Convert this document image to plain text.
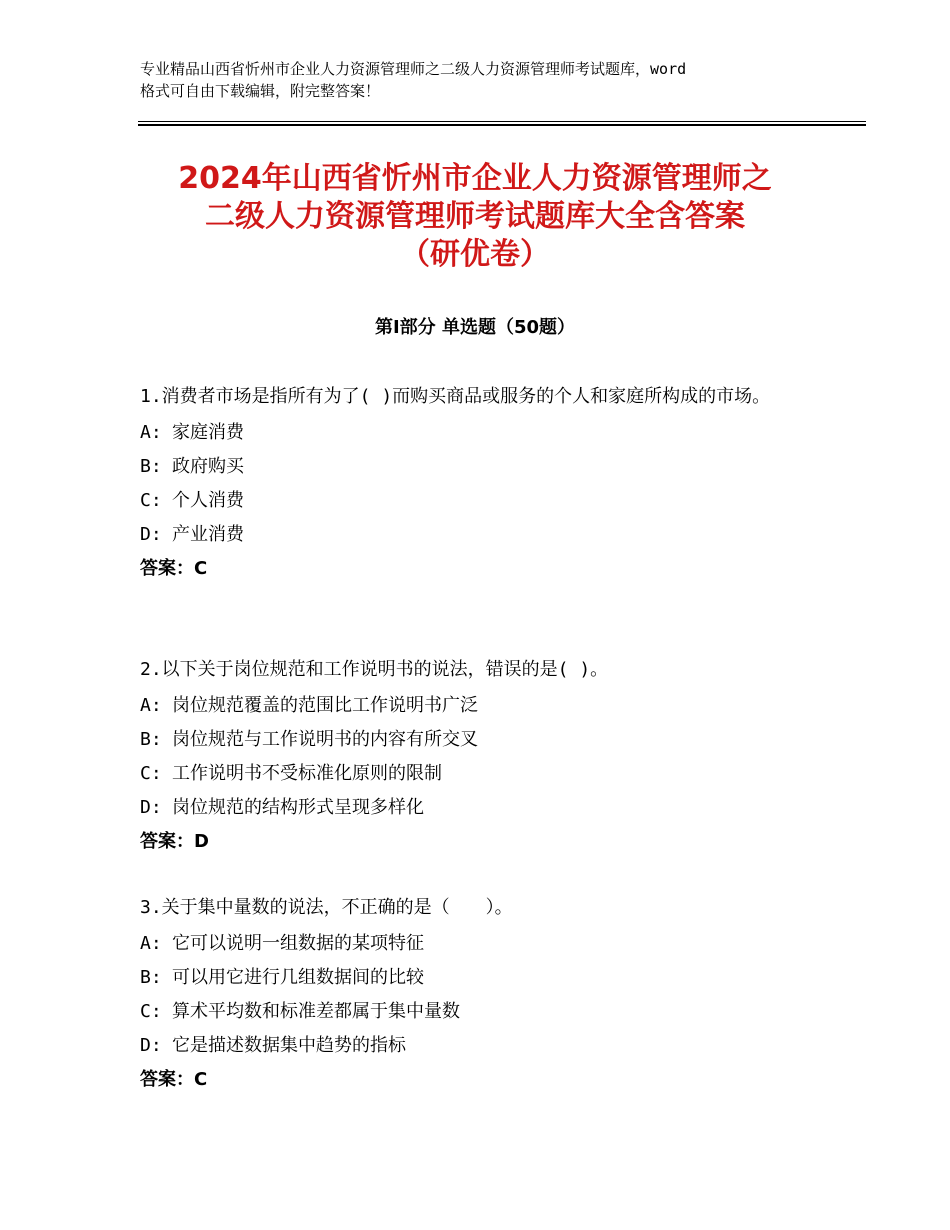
专业精品山西省忻州市企业人力资源管理师之二级人力资源管理师考试题库，word
格式可自由下载编辑，附完整答案！
2024年山西省忻州市企业人力资源管理师之
二级人力资源管理师考试题库大全含答案
（研优卷）
第Ⅰ部分 单选题（50题）
1.消费者市场是指所有为了( )而购买商品或服务的个人和家庭所构成的市场。
A: 家庭消费
B: 政府购买
C: 个人消费
D: 产业消费
答案：C
2.以下关于岗位规范和工作说明书的说法，错误的是( )。
A: 岗位规范覆盖的范围比工作说明书广泛
B: 岗位规范与工作说明书的内容有所交叉
C: 工作说明书不受标准化原则的限制
D: 岗位规范的结构形式呈现多样化
答案：D
3.关于集中量数的说法，不正确的是（　　）。
A: 它可以说明一组数据的某项特征
B: 可以用它进行几组数据间的比较
C: 算术平均数和标准差都属于集中量数
D: 它是描述数据集中趋势的指标
答案：C
